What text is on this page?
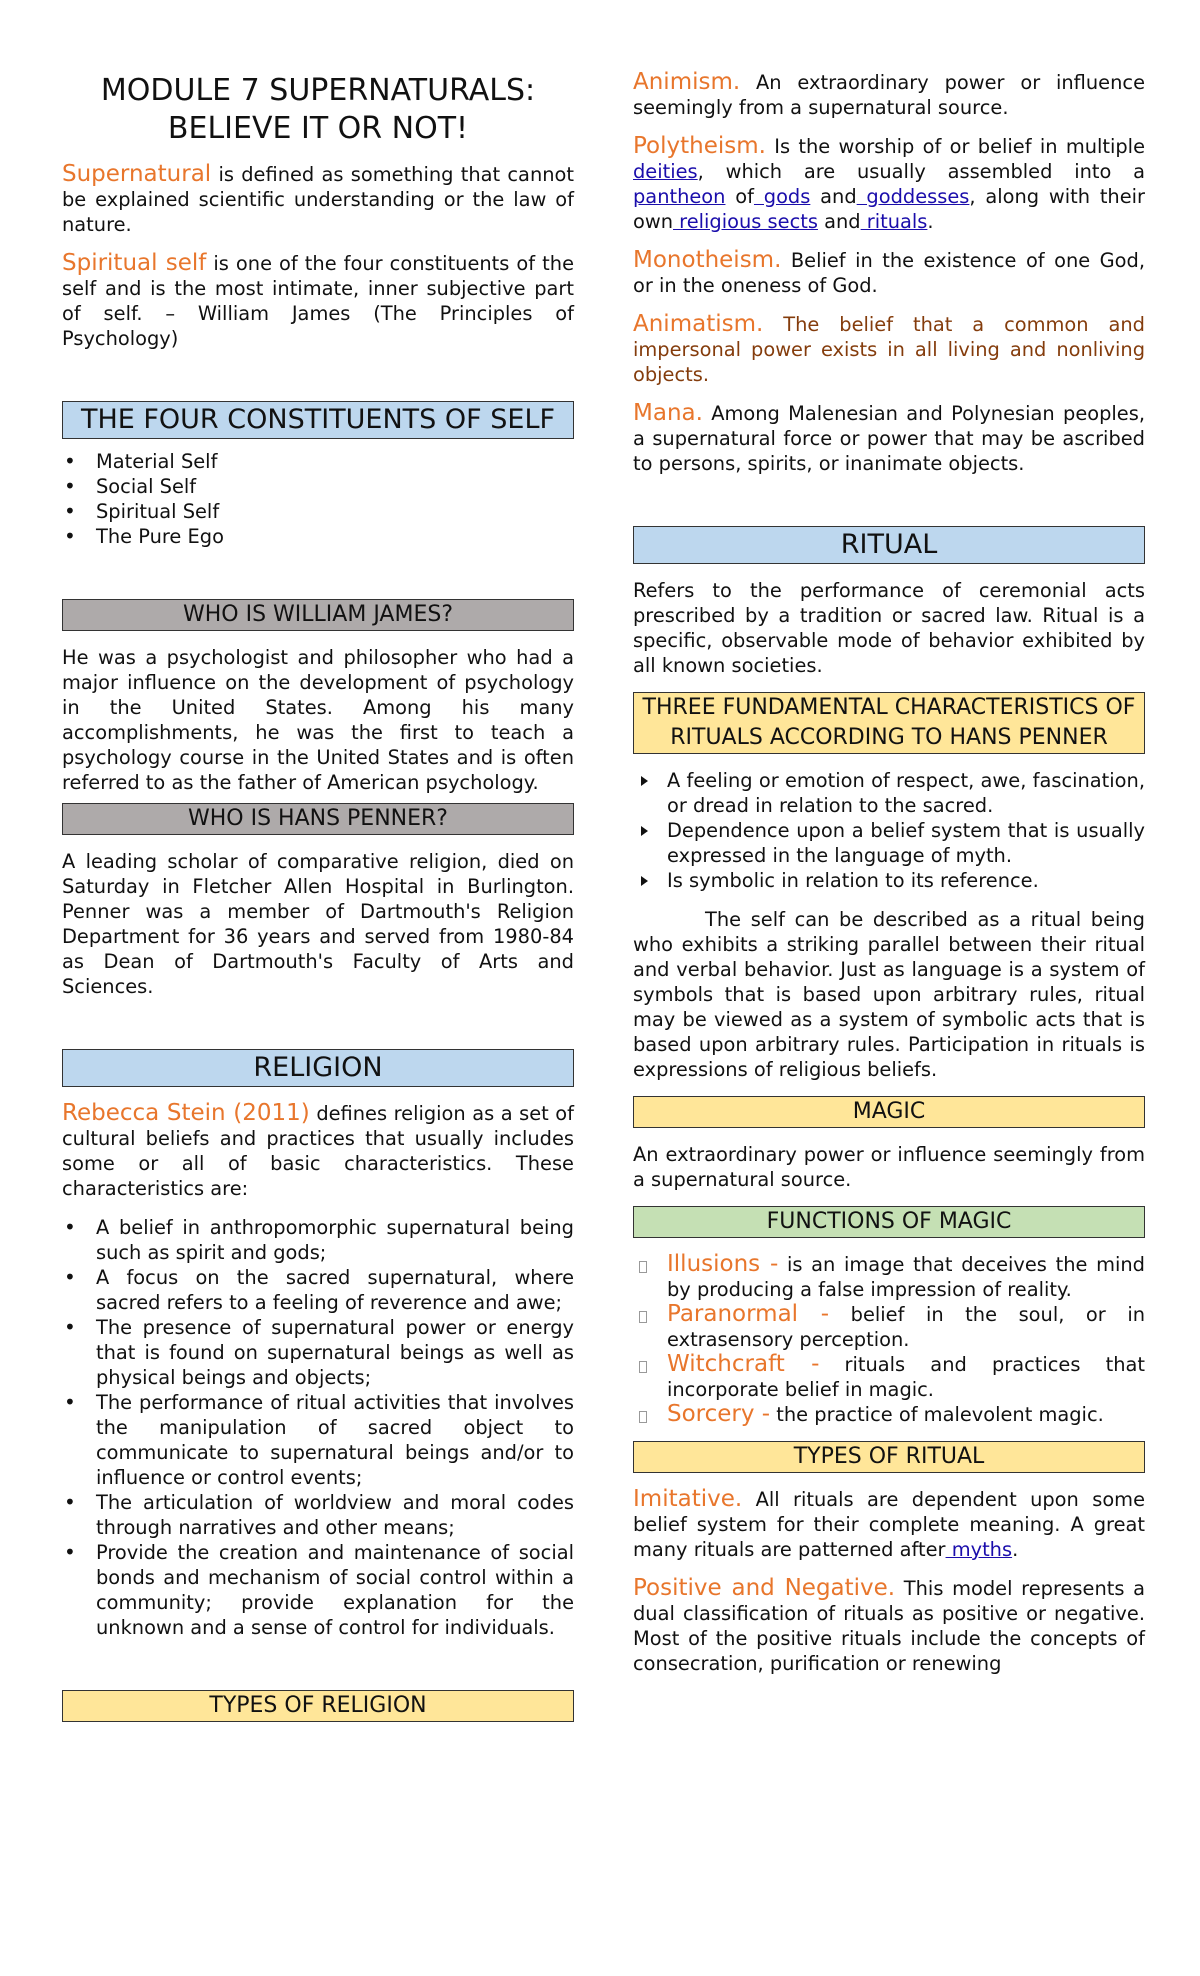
MODULE 7 SUPERNATURALS:
BELIEVE IT OR NOT!

Supernatural is defined as something that cannot be explained scientific understanding or the law of nature.

Spiritual self is one of the four constituents of the self and is the most intimate, inner subjective part of self. – William James (The Principles of Psychology)

THE FOUR CONSTITUENTS OF SELF
• Material Self
• Social Self
• Spiritual Self
• The Pure Ego
WHO IS WILLIAM JAMES?

He was a psychologist and philosopher who had a major influence on the development of psychology in the United States. Among his many accomplishments, he was the first to teach a psychology course in the United States and is often referred to as the father of American psychology.

WHO IS HANS PENNER?

A leading scholar of comparative religion, died on Saturday in Fletcher Allen Hospital in Burlington. Penner was a member of Dartmouth's Religion Department for 36 years and served from 1980-84 as Dean of Dartmouth's Faculty of Arts and Sciences.

RELIGION

Rebecca Stein (2011) defines religion as a set of cultural beliefs and practices that usually includes some or all of basic characteristics. These characteristics are:

• A belief in anthropomorphic supernatural being such as spirit and gods;
• A focus on the sacred supernatural, where sacred refers to a feeling of reverence and awe;
• The presence of supernatural power or energy that is found on supernatural beings as well as physical beings and objects;
• The performance of ritual activities that involves the manipulation of sacred object to communicate to supernatural beings and/or to influence or control events;
• The articulation of worldview and moral codes through narratives and other means;
• Provide the creation and maintenance of social bonds and mechanism of social control within a community; provide explanation for the unknown and a sense of control for individuals.
TYPES OF RELIGION

Animism. An extraordinary power or influence seemingly from a supernatural source.

Polytheism. Is the worship of or belief in multiple deities, which are usually assembled into a pantheon of gods and goddesses, along with their own religious sects and rituals.

Monotheism. Belief in the existence of one God, or in the oneness of God.

Animatism. The belief that a common and impersonal power exists in all living and nonliving objects.

Mana. Among Malenesian and Polynesian peoples, a supernatural force or power that may be ascribed to persons, spirits, or inanimate objects.

RITUAL

Refers to the performance of ceremonial acts prescribed by a tradition or sacred law. Ritual is a specific, observable mode of behavior exhibited by all known societies.

THREE FUNDAMENTAL CHARACTERISTICS OF RITUALS ACCORDING TO HANS PENNER
A feeling or emotion of respect, awe, fascination, or dread in relation to the sacred.
Dependence upon a belief system that is usually expressed in the language of myth.
Is symbolic in relation to its reference.

The self can be described as a ritual being who exhibits a striking parallel between their ritual and verbal behavior. Just as language is a system of symbols that is based upon arbitrary rules, ritual may be viewed as a system of symbolic acts that is based upon arbitrary rules. Participation in rituals is expressions of religious beliefs.

MAGIC

An extraordinary power or influence seemingly from a supernatural source.

FUNCTIONS OF MAGIC
Illusions - is an image that deceives the mind by producing a false impression of reality.
Paranormal - belief in the soul, or in extrasensory perception.
Witchcraft - rituals and practices that incorporate belief in magic.
Sorcery - the practice of malevolent magic.
TYPES OF RITUAL

Imitative. All rituals are dependent upon some belief system for their complete meaning. A great many rituals are patterned after myths.

Positive and Negative. This model represents a dual classification of rituals as positive or negative. Most of the positive rituals include the concepts of consecration, purification or renewing
